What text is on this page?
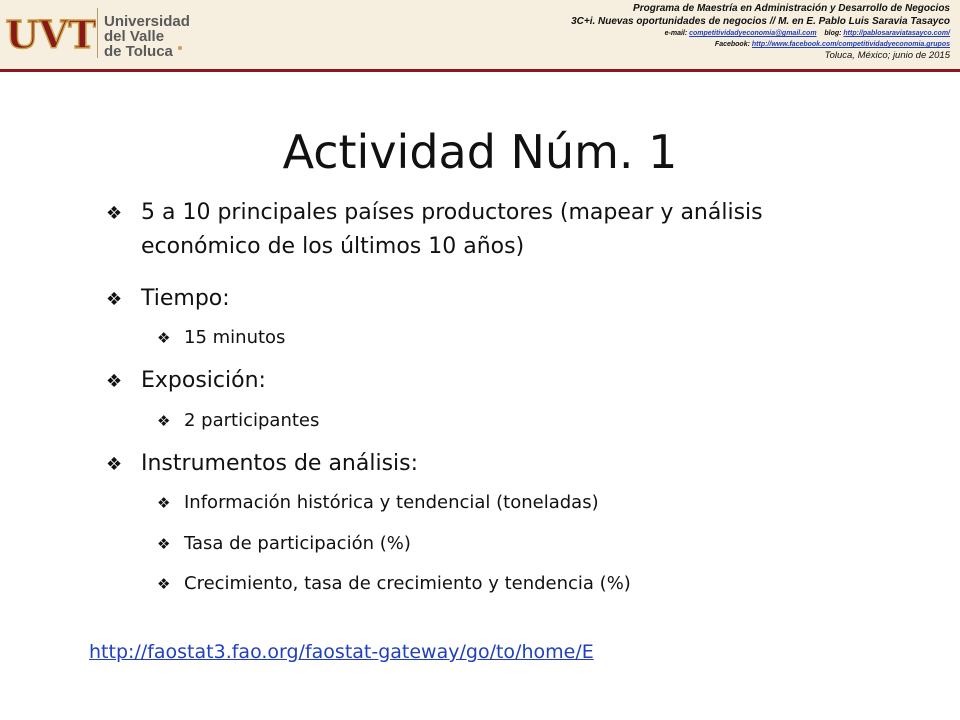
UVT Universidad
del Valle
de Toluca
Programa de Maestría en Administración y Desarrollo de Negocios
3C+i. Nuevas oportunidades de negocios // M. en E. Pablo Luis Saravia Tasayco
e-mail: competitividadyeconomia@gmail.com blog: http://pablosaraviatasayco.com/
Facebook: http://www.facebook.com/competitividadyeconomia.grupos
Toluca, México; junio de 2015
Actividad Núm. 1
❖ 5 a 10 principales países productores (mapear y análisis económico de los últimos 10 años)
❖ Tiempo:
❖ 15 minutos
❖ Exposición:
❖ 2 participantes
❖ Instrumentos de análisis:
❖ Información histórica y tendencial (toneladas)
❖ Tasa de participación (%)
❖ Crecimiento, tasa de crecimiento y tendencia (%)
http://faostat3.fao.org/faostat-gateway/go/to/home/E
